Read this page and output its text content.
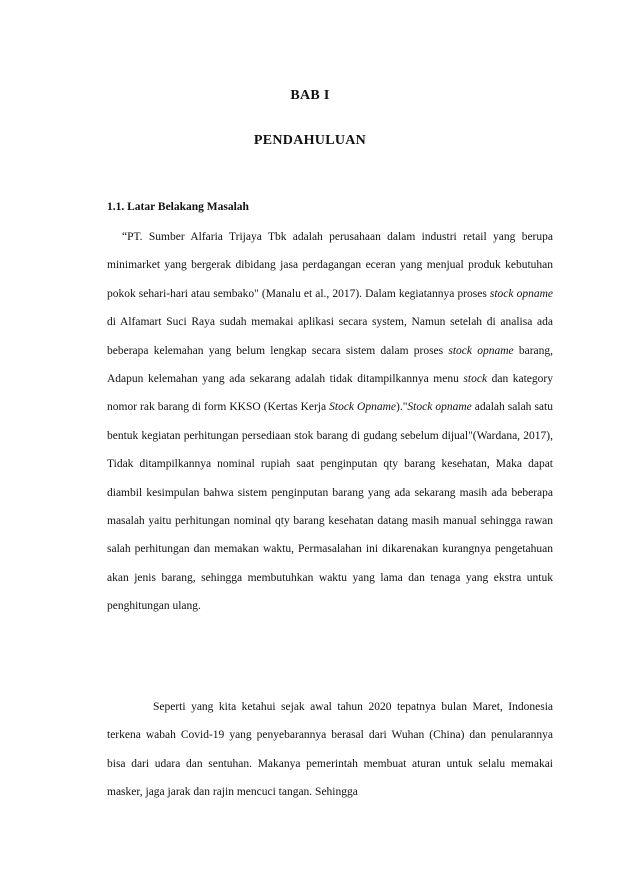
BAB I
PENDAHULUAN
1.1. Latar Belakang Masalah

“PT. Sumber Alfaria Trijaya Tbk adalah perusahaan dalam industri retail yang berupa minimarket yang bergerak dibidang jasa perdagangan eceran yang menjual produk kebutuhan pokok sehari-hari atau sembako" (Manalu et al., 2017). Dalam kegiatannya proses stock opname di Alfamart Suci Raya sudah memakai aplikasi secara system, Namun setelah di analisa ada beberapa kelemahan yang belum lengkap secara sistem dalam proses stock opname barang, Adapun kelemahan yang ada sekarang adalah tidak ditampilkannya menu stock dan kategory nomor rak barang di form KKSO (Kertas Kerja Stock Opname)."Stock opname adalah salah satu bentuk kegiatan perhitungan persediaan stok barang di gudang sebelum dijual"(Wardana, 2017), Tidak ditampilkannya nominal rupiah saat penginputan qty barang kesehatan, Maka dapat diambil kesimpulan bahwa sistem penginputan barang yang ada sekarang masih ada beberapa masalah yaitu perhitungan nominal qty barang kesehatan datang masih manual sehingga rawan salah perhitungan dan memakan waktu, Permasalahan ini dikarenakan kurangnya pengetahuan akan jenis barang, sehingga membutuhkan waktu yang lama dan tenaga yang ekstra untuk penghitungan ulang.

Seperti yang kita ketahui sejak awal tahun 2020 tepatnya bulan Maret, Indonesia terkena wabah Covid-19 yang penyebarannya berasal dari Wuhan (China) dan penularannya bisa dari udara dan sentuhan. Makanya pemerintah membuat aturan untuk selalu memakai masker, jaga jarak dan rajin mencuci tangan. Sehingga
